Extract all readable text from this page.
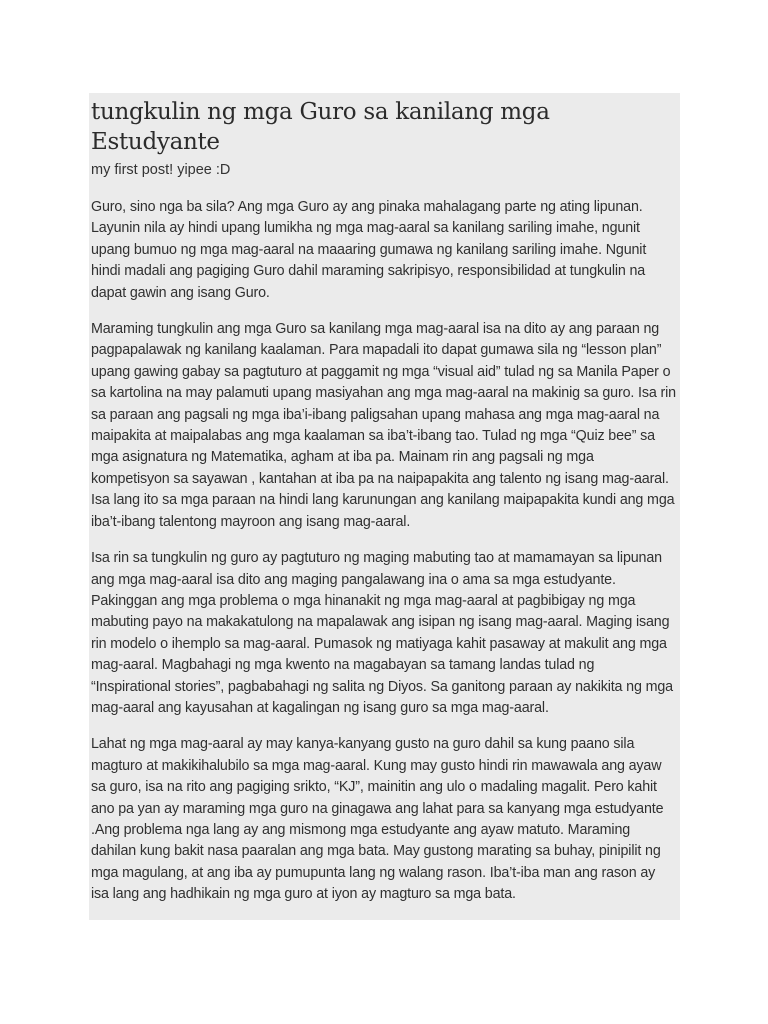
tungkulin ng mga Guro sa kanilang mga Estudyante

my first post! yipee :D

Guro, sino nga ba sila? Ang mga Guro ay ang pinaka mahalagang parte ng ating lipunan. Layunin nila ay hindi upang lumikha ng mga mag-aaral sa kanilang sariling imahe, ngunit upang bumuo ng mga mag-aaral na maaaring gumawa ng kanilang sariling imahe. Ngunit hindi madali ang pagiging Guro dahil maraming sakripisyo, responsibilidad at tungkulin na dapat gawin ang isang Guro.

Maraming tungkulin ang mga Guro sa kanilang mga mag-aaral isa na dito ay ang paraan ng pagpapalawak ng kanilang kaalaman. Para mapadali ito dapat gumawa sila ng “lesson plan” upang gawing gabay sa pagtuturo at paggamit ng mga “visual aid” tulad ng sa Manila Paper o sa kartolina na may palamuti upang masiyahan ang mga mag-aaral na makinig sa guro. Isa rin sa paraan ang pagsali ng mga iba’i-ibang paligsahan upang mahasa ang mga mag-aaral na maipakita at maipalabas ang mga kaalaman sa iba’t-ibang tao. Tulad ng mga “Quiz bee” sa mga asignatura ng Matematika, agham at iba pa. Mainam rin ang pagsali ng mga kompetisyon sa sayawan , kantahan at iba pa na naipapakita ang talento ng isang mag-aaral. Isa lang ito sa mga paraan na hindi lang karunungan ang kanilang maipapakita kundi ang mga iba’t-ibang talentong mayroon ang isang mag-aaral.

Isa rin sa tungkulin ng guro ay pagtuturo ng maging mabuting tao at mamamayan sa lipunan ang mga mag-aaral isa dito ang maging pangalawang ina o ama sa mga estudyante. Pakinggan ang mga problema o mga hinanakit ng mga mag-aaral at pagbibigay ng mga mabuting payo na makakatulong na mapalawak ang isipan ng isang mag-aaral. Maging isang rin modelo o ihemplo sa mag-aaral. Pumasok ng matiyaga kahit pasaway at makulit ang mga mag-aaral. Magbahagi ng mga kwento na magabayan sa tamang landas tulad ng “Inspirational stories”, pagbabahagi ng salita ng Diyos. Sa ganitong paraan ay nakikita ng mga mag-aaral ang kayusahan at kagalingan ng isang guro sa mga mag-aaral.

Lahat ng mga mag-aaral ay may kanya-kanyang gusto na guro dahil sa kung paano sila magturo at makikihalubilo sa mga mag-aaral. Kung may gusto hindi rin mawawala ang ayaw sa guro, isa na rito ang pagiging srikto, “KJ”, mainitin ang ulo o madaling magalit. Pero kahit ano pa yan ay maraming mga guro na ginagawa ang lahat para sa kanyang mga estudyante .Ang problema nga lang ay ang mismong mga estudyante ang ayaw matuto. Maraming dahilan kung bakit nasa paaralan ang mga bata. May gustong marating sa buhay, pinipilit ng mga magulang, at ang iba ay pumupunta lang ng walang rason. Iba’t-iba man ang rason ay isa lang ang hadhikain ng mga guro at iyon ay magturo sa mga bata.
